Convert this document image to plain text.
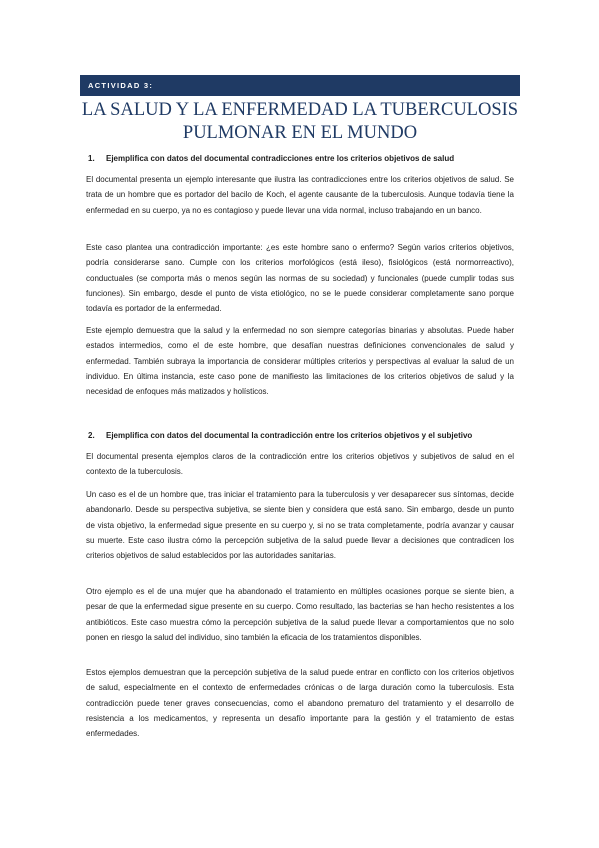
ACTIVIDAD 3:
LA SALUD Y LA ENFERMEDAD LA TUBERCULOSIS
PULMONAR EN EL MUNDO

1. Ejemplifica con datos del documental contradicciones entre los criterios objetivos de salud

El documental presenta un ejemplo interesante que ilustra las contradicciones entre los criterios objetivos de salud. Se trata de un hombre que es portador del bacilo de Koch, el agente causante de la tuberculosis. Aunque todavía tiene la enfermedad en su cuerpo, ya no es contagioso y puede llevar una vida normal, incluso trabajando en un banco.

Este caso plantea una contradicción importante: ¿es este hombre sano o enfermo? Según varios criterios objetivos, podría considerarse sano. Cumple con los criterios morfológicos (está ileso), fisiológicos (está normorreactivo), conductuales (se comporta más o menos según las normas de su sociedad) y funcionales (puede cumplir todas sus funciones). Sin embargo, desde el punto de vista etiológico, no se le puede considerar completamente sano porque todavía es portador de la enfermedad.

Este ejemplo demuestra que la salud y la enfermedad no son siempre categorías binarias y absolutas. Puede haber estados intermedios, como el de este hombre, que desafían nuestras definiciones convencionales de salud y enfermedad. También subraya la importancia de considerar múltiples criterios y perspectivas al evaluar la salud de un individuo. En última instancia, este caso pone de manifiesto las limitaciones de los criterios objetivos de salud y la necesidad de enfoques más matizados y holísticos.

2. Ejemplifica con datos del documental la contradicción entre los criterios objetivos y el subjetivo

El documental presenta ejemplos claros de la contradicción entre los criterios objetivos y subjetivos de salud en el contexto de la tuberculosis.

Un caso es el de un hombre que, tras iniciar el tratamiento para la tuberculosis y ver desaparecer sus síntomas, decide abandonarlo. Desde su perspectiva subjetiva, se siente bien y considera que está sano. Sin embargo, desde un punto de vista objetivo, la enfermedad sigue presente en su cuerpo y, si no se trata completamente, podría avanzar y causar su muerte. Este caso ilustra cómo la percepción subjetiva de la salud puede llevar a decisiones que contradicen los criterios objetivos de salud establecidos por las autoridades sanitarias.

Otro ejemplo es el de una mujer que ha abandonado el tratamiento en múltiples ocasiones porque se siente bien, a pesar de que la enfermedad sigue presente en su cuerpo. Como resultado, las bacterias se han hecho resistentes a los antibióticos. Este caso muestra cómo la percepción subjetiva de la salud puede llevar a comportamientos que no solo ponen en riesgo la salud del individuo, sino también la eficacia de los tratamientos disponibles.

Estos ejemplos demuestran que la percepción subjetiva de la salud puede entrar en conflicto con los criterios objetivos de salud, especialmente en el contexto de enfermedades crónicas o de larga duración como la tuberculosis. Esta contradicción puede tener graves consecuencias, como el abandono prematuro del tratamiento y el desarrollo de resistencia a los medicamentos, y representa un desafío importante para la gestión y el tratamiento de estas enfermedades.
